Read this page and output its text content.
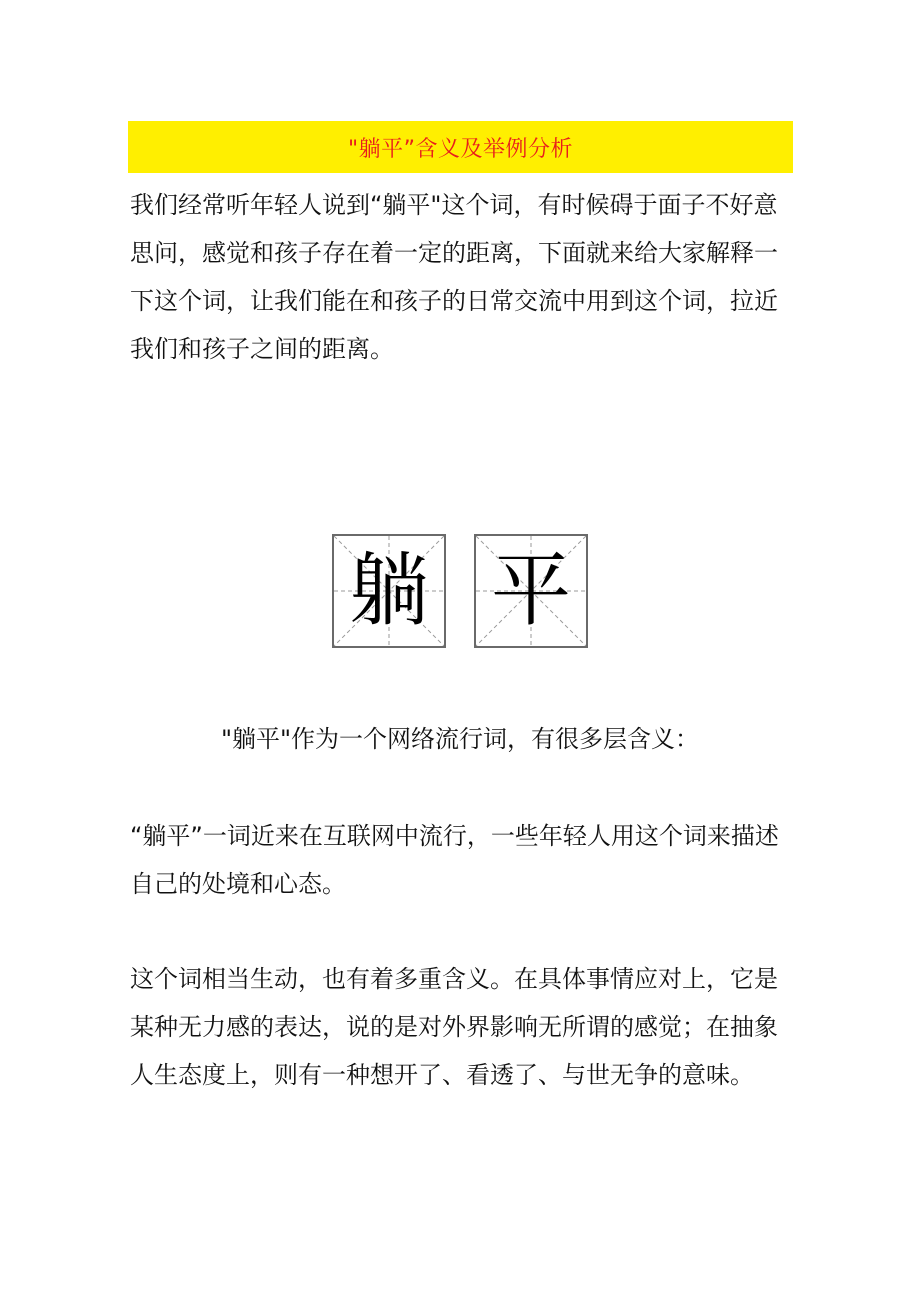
"躺平”含义及举例分析

我们经常听年轻人说到“躺平"这个词，有时候碍于面子不好意思问，感觉和孩子存在着一定的距离，下面就来给大家解释一下这个词，让我们能在和孩子的日常交流中用到这个词，拉近我们和孩子之间的距离。

躺 平

"躺平"作为一个网络流行词，有很多层含义：

“躺平”一词近来在互联网中流行，一些年轻人用这个词来描述自己的处境和心态。

这个词相当生动，也有着多重含义。在具体事情应对上，它是某种无力感的表达，说的是对外界影响无所谓的感觉；在抽象人生态度上，则有一种想开了、看透了、与世无争的意味。
